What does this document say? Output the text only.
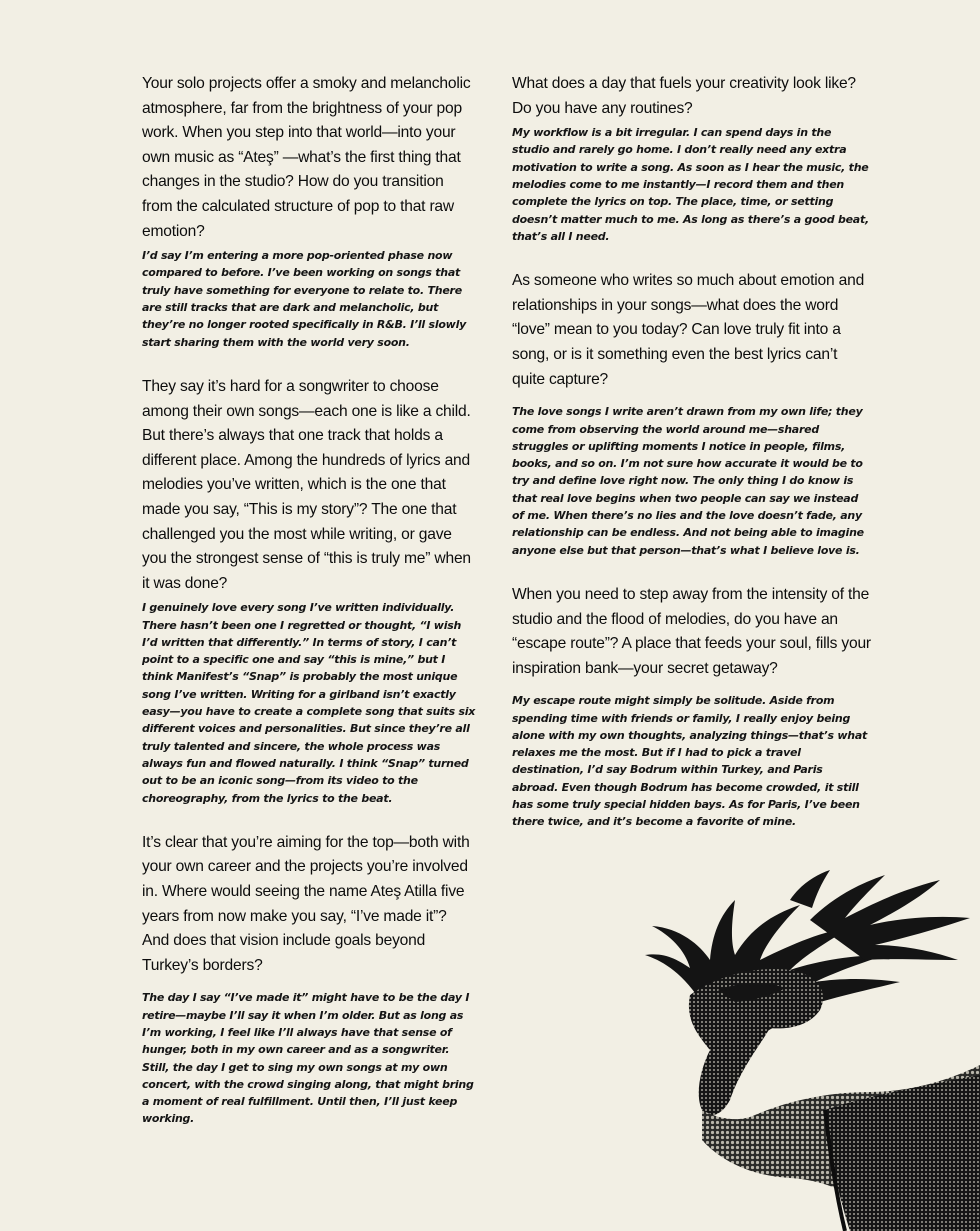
Your solo projects offer a smoky and melancholic atmosphere, far from the brightness of your pop work. When you step into that world—into your own music as “Ateş” —what’s the first thing that changes in the studio? How do you transition from the calculated structure of pop to that raw emotion?

I’d say I’m entering a more pop-oriented phase now compared to before. I’ve been working on songs that truly have something for everyone to relate to. There are still tracks that are dark and melancholic, but they’re no longer rooted specifically in R&B. I’ll slowly start sharing them with the world very soon.

They say it’s hard for a songwriter to choose among their own songs—each one is like a child. But there’s always that one track that holds a different place. Among the hundreds of lyrics and melodies you’ve written, which is the one that made you say, “This is my story”? The one that challenged you the most while writing, or gave you the strongest sense of “this is truly me” when it was done?

I genuinely love every song I’ve written individually. There hasn’t been one I regretted or thought, “I wish I’d written that differently.” In terms of story, I can’t point to a specific one and say “this is mine,” but I think Manifest’s “Snap” is probably the most unique song I’ve written. Writing for a girlband isn’t exactly easy—you have to create a complete song that suits six different voices and personalities. But since they’re all truly talented and sincere, the whole process was always fun and flowed naturally. I think “Snap” turned out to be an iconic song—from its video to the choreography, from the lyrics to the beat.

It’s clear that you’re aiming for the top—both with your own career and the projects you’re involved in. Where would seeing the name Ateş Atilla five years from now make you say, “I’ve made it”? And does that vision include goals beyond Turkey’s borders?

The day I say “I’ve made it” might have to be the day I retire—maybe I’ll say it when I’m older. But as long as I’m working, I feel like I’ll always have that sense of hunger, both in my own career and as a songwriter. Still, the day I get to sing my own songs at my own concert, with the crowd singing along, that might bring a moment of real fulfillment. Until then, I’ll just keep working.

What does a day that fuels your creativity look like? Do you have any routines?

My workflow is a bit irregular. I can spend days in the studio and rarely go home. I don’t really need any extra motivation to write a song. As soon as I hear the music, the melodies come to me instantly—I record them and then complete the lyrics on top. The place, time, or setting doesn’t matter much to me. As long as there’s a good beat, that’s all I need.

As someone who writes so much about emotion and relationships in your songs—what does the word “love” mean to you today? Can love truly fit into a song, or is it something even the best lyrics can’t quite capture?

The love songs I write aren’t drawn from my own life; they come from observing the world around me—shared struggles or uplifting moments I notice in people, films, books, and so on. I’m not sure how accurate it would be to try and define love right now. The only thing I do know is that real love begins when two people can say we instead of me. When there’s no lies and the love doesn’t fade, any relationship can be endless. And not being able to imagine anyone else but that person—that’s what I believe love is.

When you need to step away from the intensity of the studio and the flood of melodies, do you have an “escape route”? A place that feeds your soul, fills your inspiration bank—your secret getaway?

My escape route might simply be solitude. Aside from spending time with friends or family, I really enjoy being alone with my own thoughts, analyzing things—that’s what relaxes me the most. But if I had to pick a travel destination, I’d say Bodrum within Turkey, and Paris abroad. Even though Bodrum has become crowded, it still has some truly special hidden bays. As for Paris, I’ve been there twice, and it’s become a favorite of mine.
